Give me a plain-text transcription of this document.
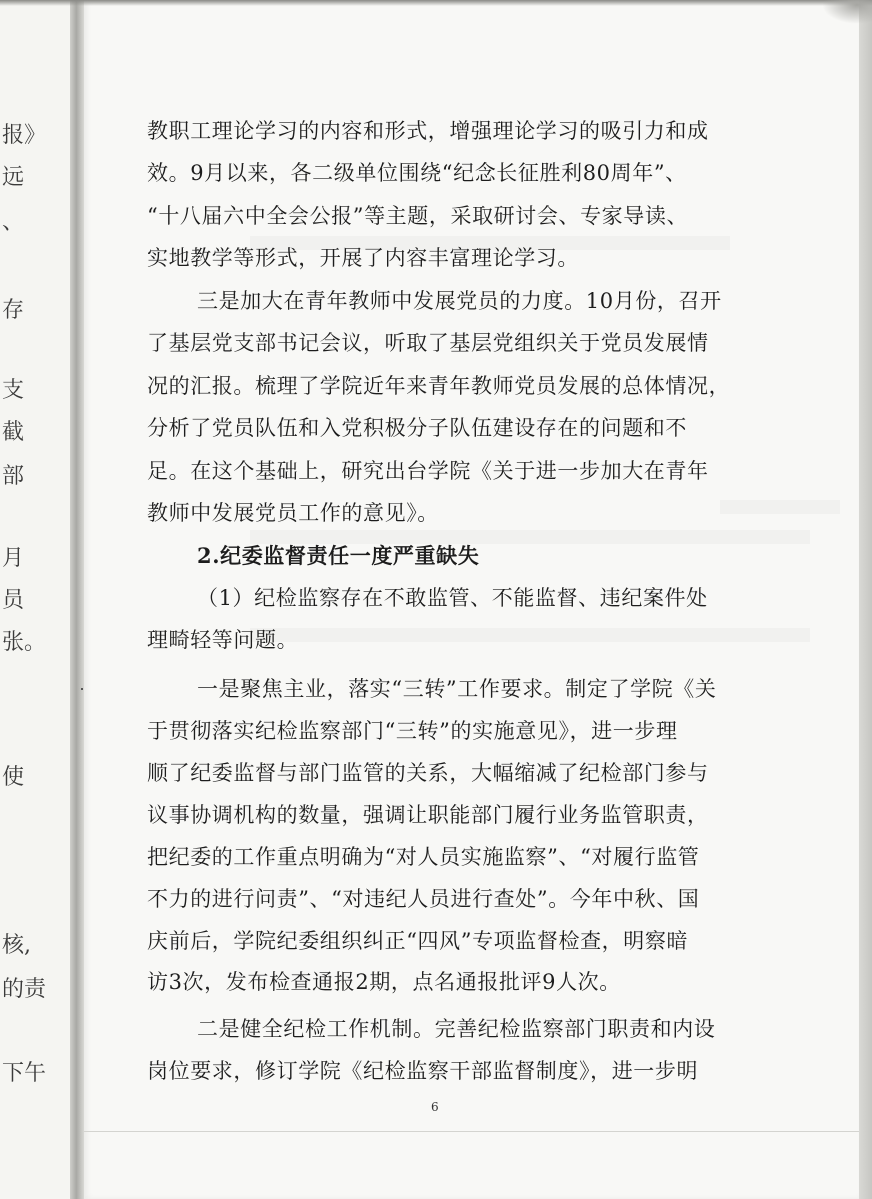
报》
远
、
存
支
截
部
月
员
张。
使
核,
的责
下午
教职工理论学习的内容和形式，增强理论学习的吸引力和成
效。9月以来，各二级单位围绕“纪念长征胜利80周年”、
“十八届六中全会公报”等主题，采取研讨会、专家导读、
实地教学等形式，开展了内容丰富理论学习。
三是加大在青年教师中发展党员的力度。10月份，召开
了基层党支部书记会议，听取了基层党组织关于党员发展情
况的汇报。梳理了学院近年来青年教师党员发展的总体情况，
分析了党员队伍和入党积极分子队伍建设存在的问题和不
足。在这个基础上，研究出台学院《关于进一步加大在青年
教师中发展党员工作的意见》。
2.纪委监督责任一度严重缺失
（1）纪检监察存在不敢监管、不能监督、违纪案件处
理畸轻等问题。
一是聚焦主业，落实“三转”工作要求。制定了学院《关
于贯彻落实纪检监察部门“三转”的实施意见》，进一步理
顺了纪委监督与部门监管的关系，大幅缩减了纪检部门参与
议事协调机构的数量，强调让职能部门履行业务监管职责，
把纪委的工作重点明确为“对人员实施监察”、“对履行监管
不力的进行问责”、“对违纪人员进行查处”。今年中秋、国
庆前后，学院纪委组织纠正“四风”专项监督检查，明察暗
访3次，发布检查通报2期，点名通报批评9人次。
二是健全纪检工作机制。完善纪检监察部门职责和内设
岗位要求，修订学院《纪检监察干部监督制度》，进一步明
6
